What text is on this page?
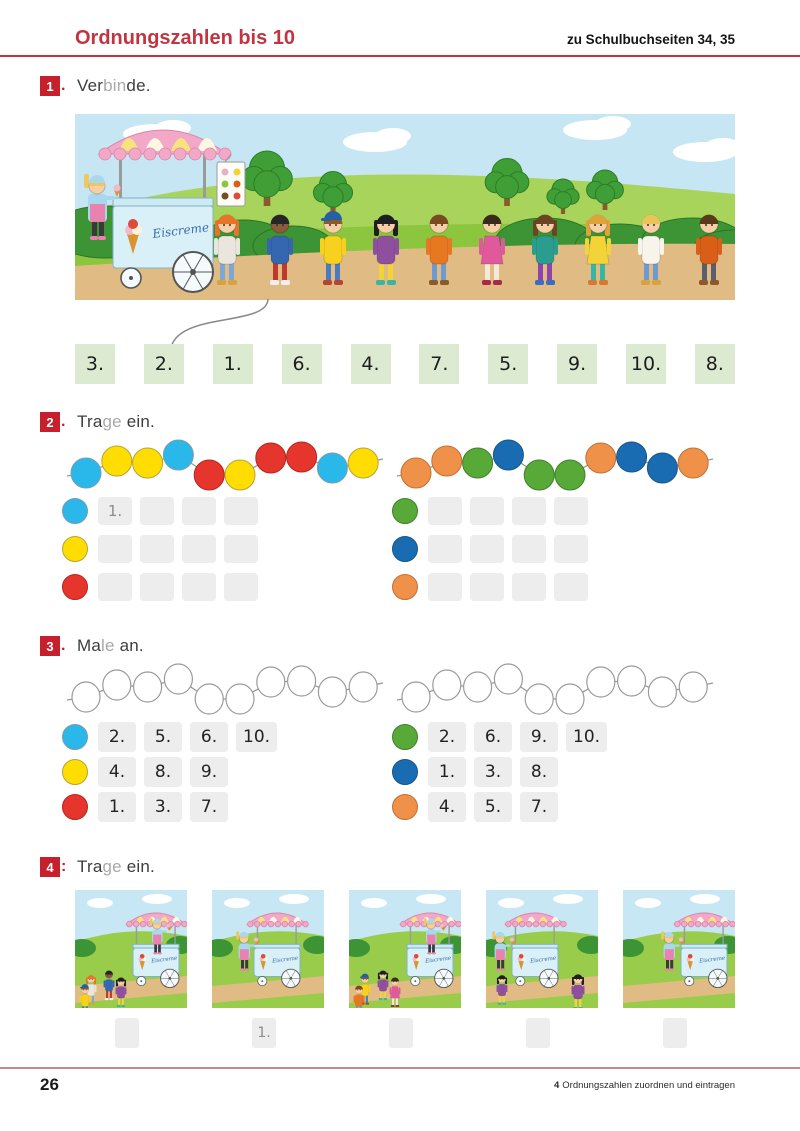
Ordnungszahlen bis 10	zu Schulbuchseiten 34, 35
1 . Verbinde.
Eiscreme
3.	2.	1.	6.	4.	7.	5.	9.	10.	8.
2 . Trage ein.
1.
3 . Male an.
2.	5.	6.	10.
4.	8.	9.
1.	3.	7.
2.	6.	9.	10.
1.	3.	8.
4.	5.	7.
4 : Trage ein.
Eiscreme	Eiscreme	Eiscreme	Eiscreme	Eiscreme
1.
26	4 Ordnungszahlen zuordnen und eintragen
